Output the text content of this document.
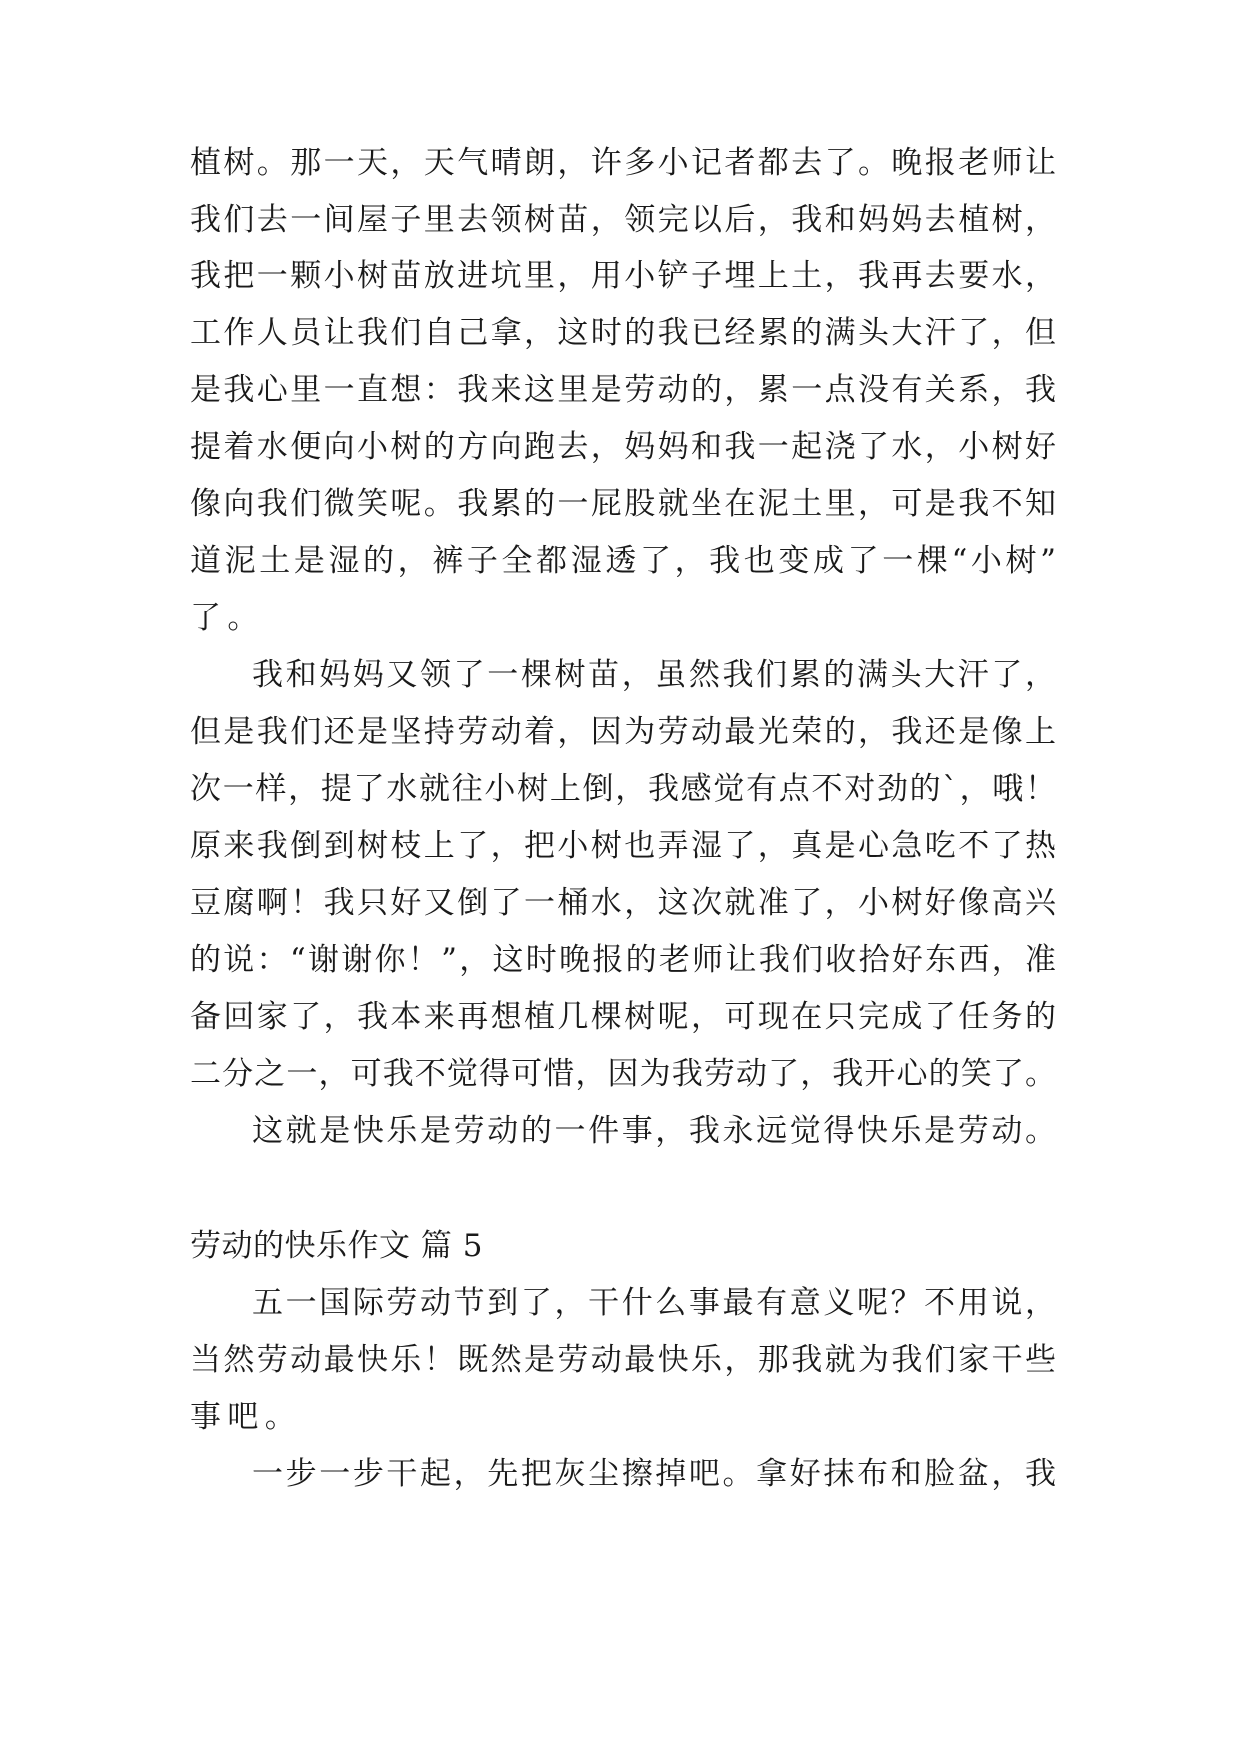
植树。那一天，天气晴朗，许多小记者都去了。晚报老师让
我们去一间屋子里去领树苗，领完以后，我和妈妈去植树，
我把一颗小树苗放进坑里，用小铲子埋上土，我再去要水，
工作人员让我们自己拿，这时的我已经累的满头大汗了，但
是我心里一直想：我来这里是劳动的，累一点没有关系，我
提着水便向小树的方向跑去，妈妈和我一起浇了水，小树好
像向我们微笑呢。我累的一屁股就坐在泥土里，可是我不知
道泥土是湿的，裤子全都湿透了，我也变成了一棵“小树”
了。
我和妈妈又领了一棵树苗，虽然我们累的满头大汗了，
但是我们还是坚持劳动着，因为劳动最光荣的，我还是像上
次一样，提了水就往小树上倒，我感觉有点不对劲的`，哦！
原来我倒到树枝上了，把小树也弄湿了，真是心急吃不了热
豆腐啊！我只好又倒了一桶水，这次就准了，小树好像高兴
的说：“谢谢你！”，这时晚报的老师让我们收拾好东西，准
备回家了，我本来再想植几棵树呢，可现在只完成了任务的
二分之一，可我不觉得可惜，因为我劳动了，我开心的笑了。
这就是快乐是劳动的一件事，我永远觉得快乐是劳动。
劳动的快乐作文 篇 5
五一国际劳动节到了，干什么事最有意义呢？不用说，
当然劳动最快乐！既然是劳动最快乐，那我就为我们家干些
事吧。
一步一步干起，先把灰尘擦掉吧。拿好抹布和脸盆，我
